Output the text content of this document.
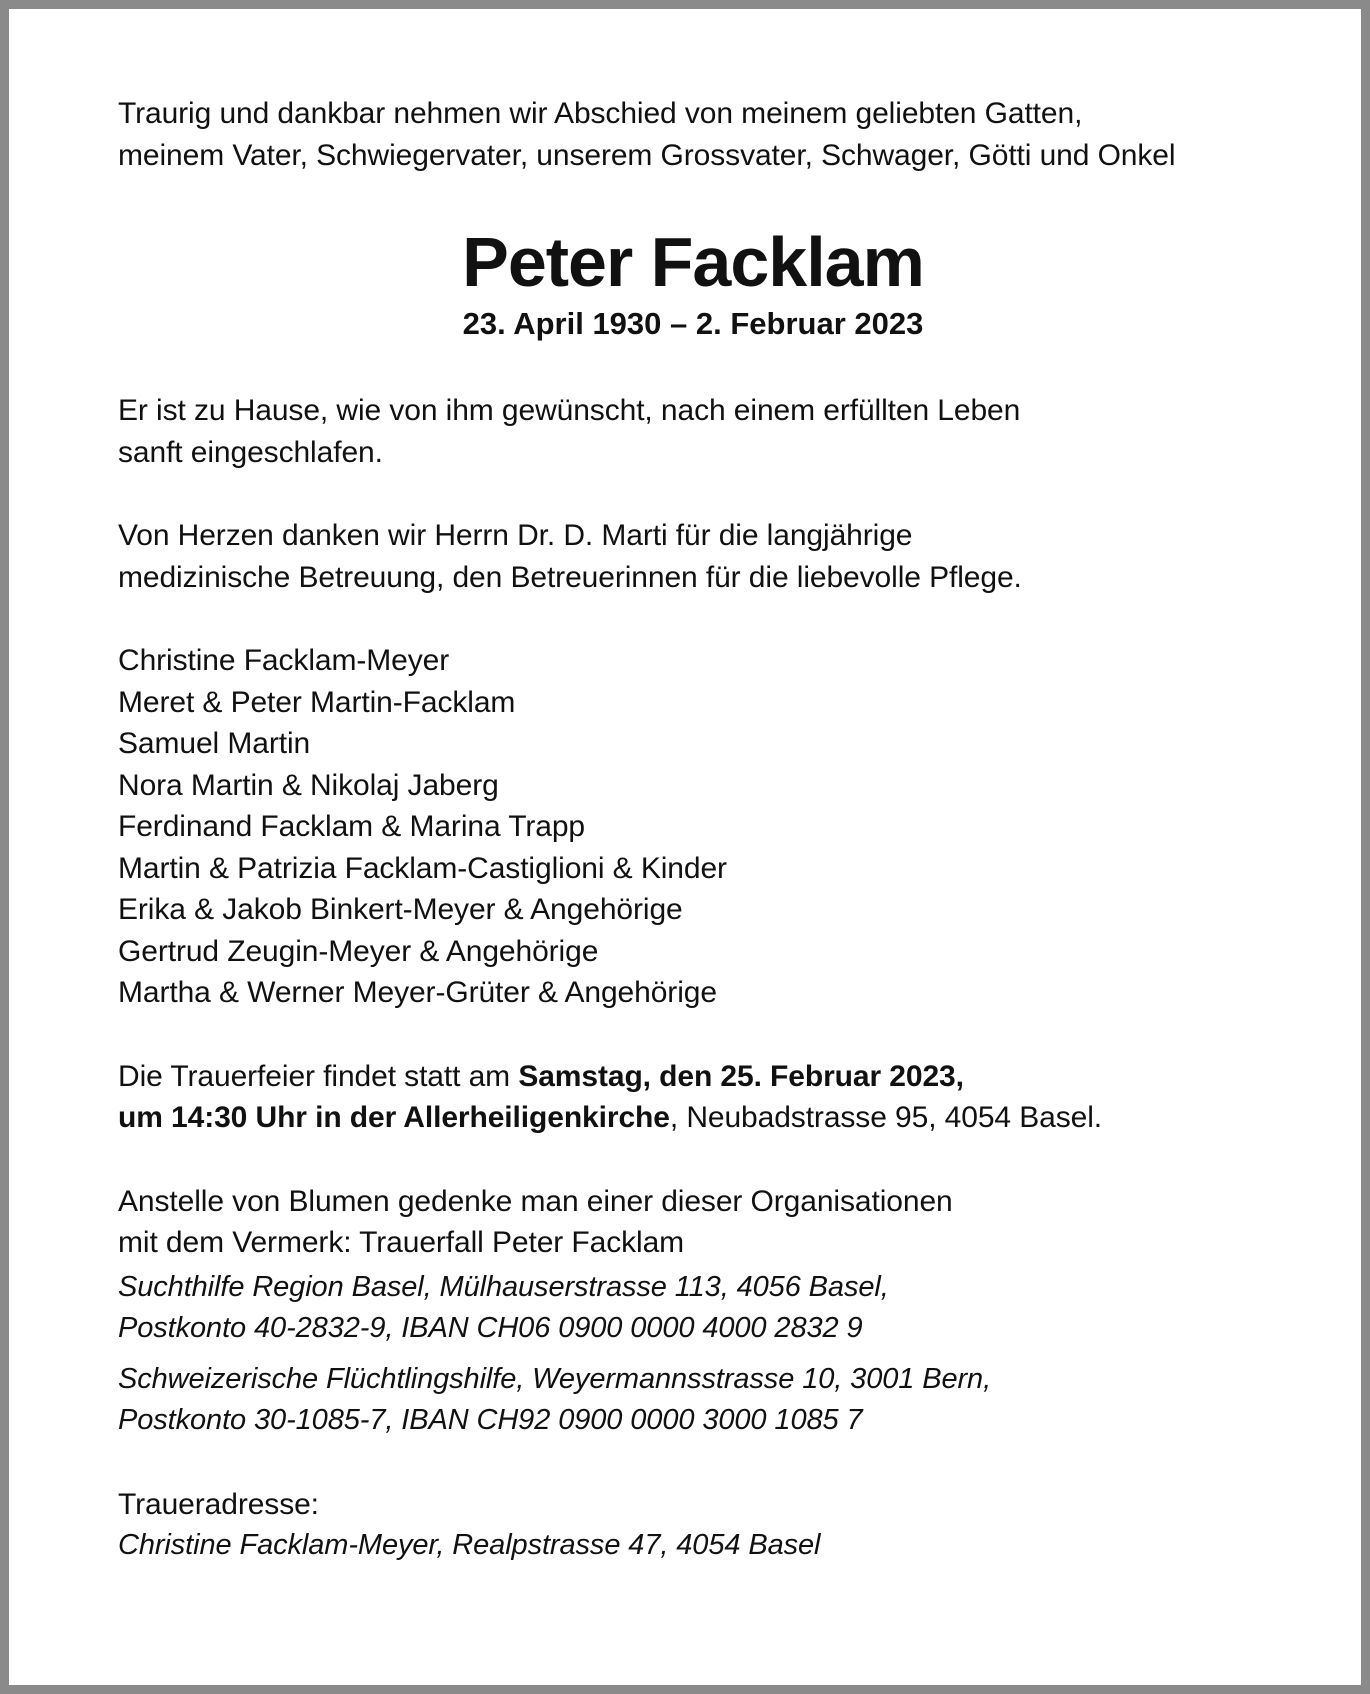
Traurig und dankbar nehmen wir Abschied von meinem geliebten Gatten,
meinem Vater, Schwiegervater, unserem Grossvater, Schwager, Götti und Onkel

Peter Facklam

23. April 1930 – 2. Februar 2023

Er ist zu Hause, wie von ihm gewünscht, nach einem erfüllten Leben
sanft eingeschlafen.

Von Herzen danken wir Herrn Dr. D. Marti für die langjährige
medizinische Betreuung, den Betreuerinnen für die liebevolle Pflege.

Christine Facklam-Meyer
Meret & Peter Martin-Facklam
Samuel Martin
Nora Martin & Nikolaj Jaberg
Ferdinand Facklam & Marina Trapp
Martin & Patrizia Facklam-Castiglioni & Kinder
Erika & Jakob Binkert-Meyer & Angehörige
Gertrud Zeugin-Meyer & Angehörige
Martha & Werner Meyer-Grüter & Angehörige

Die Trauerfeier findet statt am Samstag, den 25. Februar 2023,
um 14:30 Uhr in der Allerheiligenkirche, Neubadstrasse 95, 4054 Basel.

Anstelle von Blumen gedenke man einer dieser Organisationen
mit dem Vermerk: Trauerfall Peter Facklam

Suchthilfe Region Basel, Mülhauserstrasse 113, 4056 Basel,
Postkonto 40-2832-9, IBAN CH06 0900 0000 4000 2832 9

Schweizerische Flüchtlingshilfe, Weyermannsstrasse 10, 3001 Bern,
Postkonto 30-1085-7, IBAN CH92 0900 0000 3000 1085 7

Traueradresse:
Christine Facklam-Meyer, Realpstrasse 47, 4054 Basel
